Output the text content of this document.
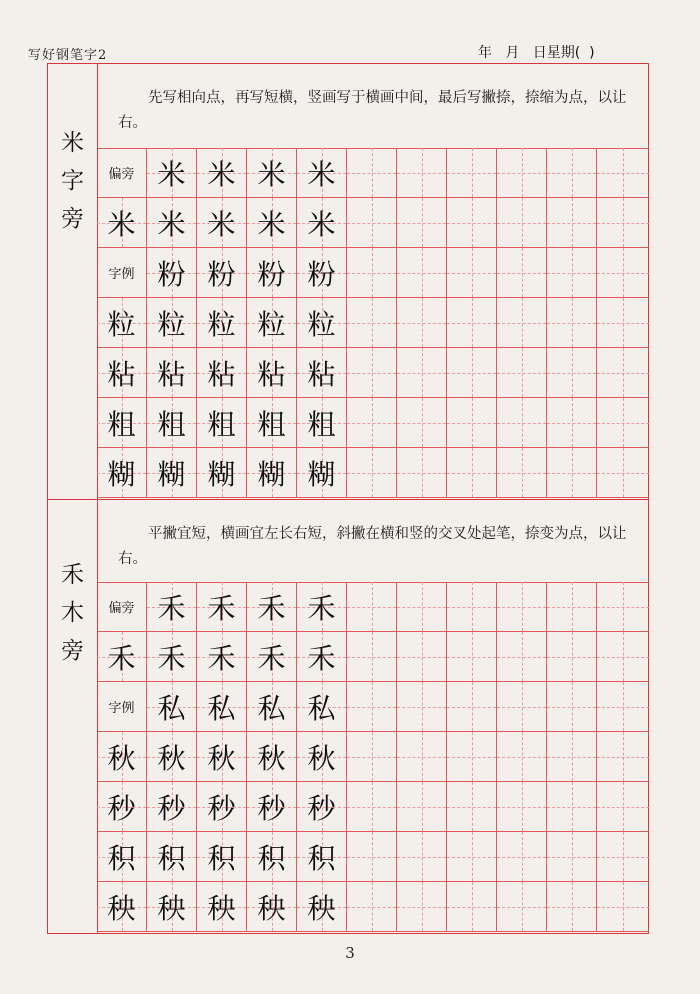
写好钢笔字2	年   月   日星期(  )
米
字
旁
先写相向点，再写短横，竖画写于横画中间，最后写撇捺，捺缩为点，以让右。
偏旁 米 米 米 米
米 米 米 米 米
字例 粉 粉 粉 粉
粒 粒 粒 粒 粒
粘 粘 粘 粘 粘
粗 粗 粗 粗 粗
糊 糊 糊 糊 糊
禾
木
旁
平撇宜短，横画宜左长右短，斜撇在横和竖的交叉处起笔，捺变为点，以让右。
偏旁 禾 禾 禾 禾
禾 禾 禾 禾 禾
字例 私 私 私 私
秋 秋 秋 秋 秋
秒 秒 秒 秒 秒
积 积 积 积 积
秧 秧 秧 秧 秧
3
